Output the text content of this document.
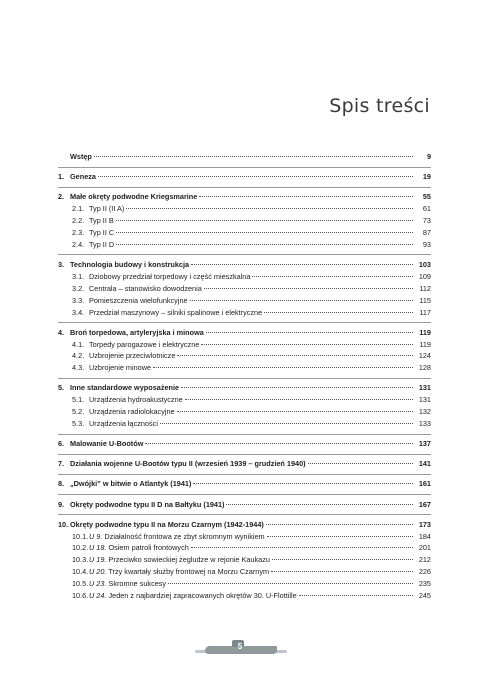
Spis treści
Wstęp	9
1. Geneza	19
2. Małe okręty podwodne Kriegsmarine	55
2.1. Typ II (II A)	61
2.2. Typ II B	73
2.3. Typ II C	87
2.4. Typ II D	93
3. Technologia budowy i konstrukcja	103
3.1. Dziobowy przedział torpedowy i część mieszkalna	109
3.2. Centrala – stanowisko dowodzenia	112
3.3. Pomieszczenia wielofunkcyjne	115
3.4. Przedział maszynowy – silniki spalinowe i elektryczne	117
4. Broń torpedowa, artyleryjska i minowa	119
4.1. Torpedy parogazowe i elektryczne	119
4.2. Uzbrojenie przeciwlotnicze	124
4.3. Uzbrojenie minowe	128
5. Inne standardowe wyposażenie	131
5.1. Urządzenia hydroakustyczne	131
5.2. Urządzenia radiolokacyjne	132
5.3. Urządzenia łączności	133
6. Malowanie U-Bootów	137
7. Działania wojenne U-Bootów typu II (wrzesień 1939 – grudzień 1940)	141
8. „Dwójki” w bitwie o Atlantyk (1941)	161
9. Okręty podwodne typu II D na Bałtyku (1941)	167
10. Okręty podwodne typu II na Morzu Czarnym (1942-1944)	173
10.1. U 9. Działalność frontowa ze zbyt skromnym wynikiem	184
10.2. U 18. Osiem patroli frontowych	201
10.3. U 19. Przeciwko sowieckiej żegludze w rejonie Kaukazu	212
10.4. U 20. Trzy kwartały służby frontowej na Morzu Czarnym	226
10.5. U 23. Skromne sukcesy	235
10.6. U 24. Jeden z najbardziej zapracowanych okrętów 30. U-Flottille	245
5
